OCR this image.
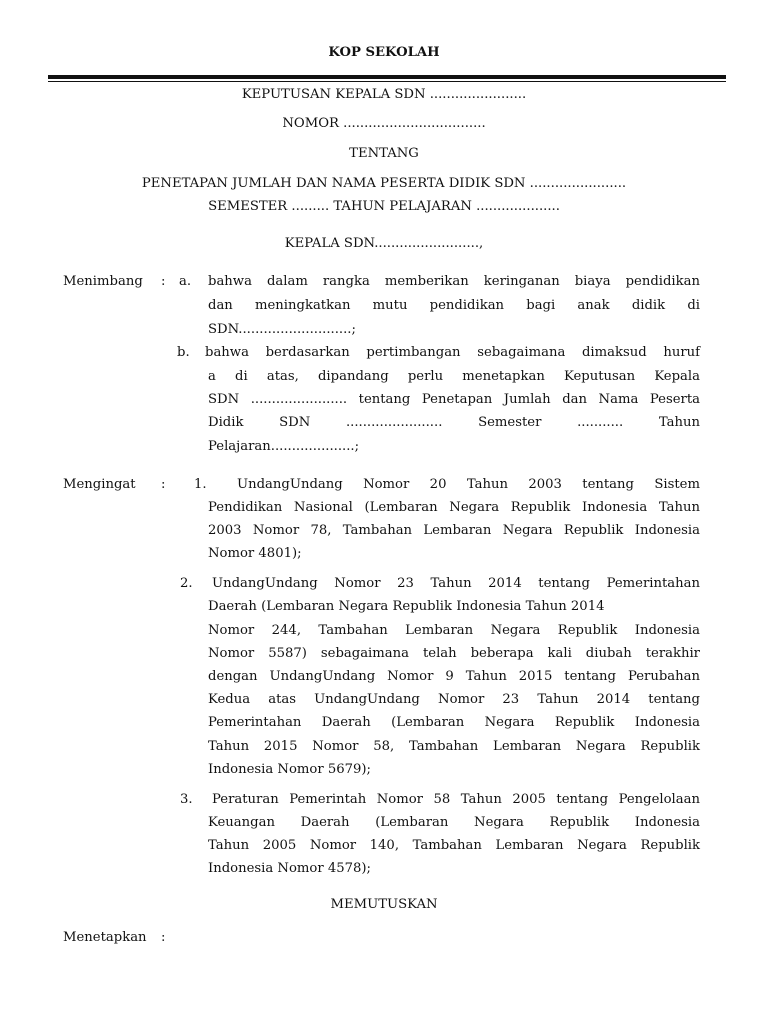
KOP SEKOLAH
KEPUTUSAN KEPALA SDN .......................
NOMOR ..................................
TENTANG
PENETAPAN JUMLAH DAN NAMA PESERTA DIDIK SDN .......................
SEMESTER ......... TAHUN PELAJARAN ....................
KEPALA SDN.........................,
Menimbang : a. bahwa dalam rangka memberikan keringanan biaya pendidikan
dan meningkatkan mutu pendidikan bagi anak didik di
SDN...........................;
b. bahwa berdasarkan pertimbangan sebagaimana dimaksud huruf
a di atas, dipandang perlu menetapkan Keputusan Kepala
SDN ....................... tentang Penetapan Jumlah dan Nama Peserta
Didik SDN ....................... Semester ........... Tahun
Pelajaran....................;
Mengingat : 1. UndangUndang Nomor 20 Tahun 2003 tentang Sistem
Pendidikan Nasional (Lembaran Negara Republik Indonesia Tahun
2003 Nomor 78, Tambahan Lembaran Negara Republik Indonesia
Nomor 4801);
2. UndangUndang Nomor 23 Tahun 2014 tentang Pemerintahan
Daerah (Lembaran Negara Republik Indonesia Tahun 2014
Nomor 244, Tambahan Lembaran Negara Republik Indonesia
Nomor 5587) sebagaimana telah beberapa kali diubah terakhir
dengan UndangUndang Nomor 9 Tahun 2015 tentang Perubahan
Kedua atas UndangUndang Nomor 23 Tahun 2014 tentang
Pemerintahan Daerah (Lembaran Negara Republik Indonesia
Tahun 2015 Nomor 58, Tambahan Lembaran Negara Republik
Indonesia Nomor 5679);
3. Peraturan Pemerintah Nomor 58 Tahun 2005 tentang Pengelolaan
Keuangan Daerah (Lembaran Negara Republik Indonesia
Tahun 2005 Nomor 140, Tambahan Lembaran Negara Republik
Indonesia Nomor 4578);
MEMUTUSKAN
Menetapkan :
